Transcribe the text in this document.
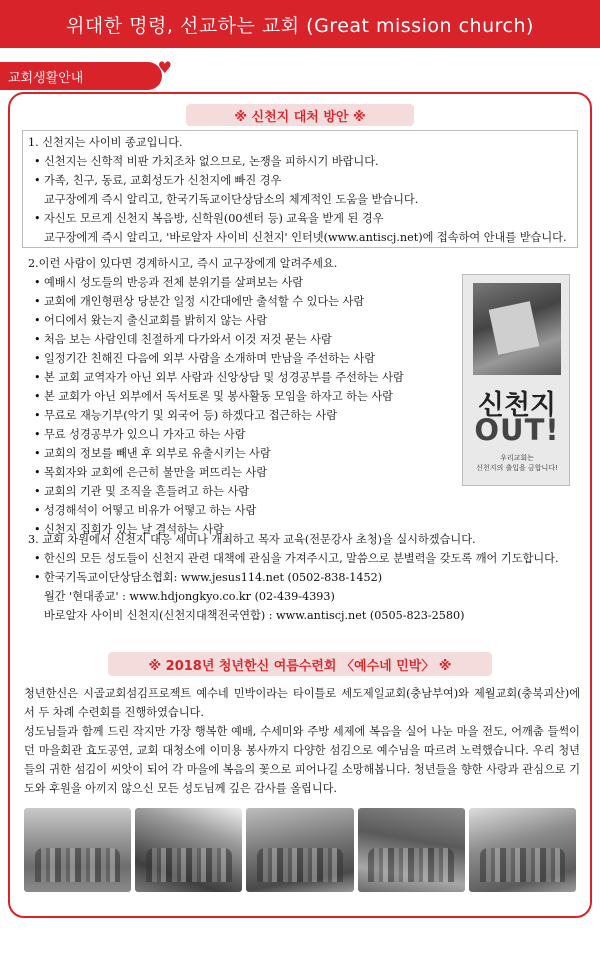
위대한 명령, 선교하는 교회 (Great mission church)
교회생활안내
♥
※ 신천지 대처 방안 ※
1. 신천지는 사이비 종교입니다.
• 신천지는 신학적 비판 가치조차 없으므로, 논쟁을 피하시기 바랍니다.
• 가족, 친구, 동료, 교회성도가 신천지에 빠진 경우
교구장에게 즉시 알리고, 한국기독교이단상담소의 체계적인 도움을 받습니다.
• 자신도 모르게 신천지 복음방, 신학원(00센터 등) 교육을 받게 된 경우
교구장에게 즉시 알리고, '바로알자 사이비 신천지' 인터넷(www.antiscj.net)에 접속하여 안내를 받습니다.
2.이런 사람이 있다면 경계하시고, 즉시 교구장에게 알려주세요.
• 예배시 성도들의 반응과 전체 분위기를 살펴보는 사람
• 교회에 개인형편상 당분간 일정 시간대에만 출석할 수 있다는 사람
• 어디에서 왔는지 출신교회를 밝히지 않는 사람
• 처음 보는 사람인데 친절하게 다가와서 이것 저것 묻는 사람
• 일정기간 친해진 다음에 외부 사람을 소개하며 만남을 주선하는 사람
• 본 교회 교역자가 아닌 외부 사람과 신앙상담 및 성경공부를 주선하는 사람
• 본 교회가 아닌 외부에서 독서토론 및 봉사활동 모임을 하자고 하는 사람
• 무료로 재능기부(악기 및 외국어 등) 하겠다고 접근하는 사람
• 무료 성경공부가 있으니 가자고 하는 사람
• 교회의 정보를 빼낸 후 외부로 유출시키는 사람
• 목회자와 교회에 은근히 불만을 퍼뜨리는 사람
• 교회의 기관 및 조직을 흔들려고 하는 사람
• 성경해석이 어떻고 비유가 어떻고 하는 사람
• 신천지 집회가 있는 날 결석하는 사람
3. 교회 차원에서 신천지 대응 세미나 개최하고 목자 교육(전문강사 초청)을 실시하겠습니다.
• 한신의 모든 성도들이 신천지 관련 대책에 관심을 가져주시고, 말씀으로 분별력을 갖도록 깨어 기도합니다.
• 한국기독교이단상담소협회: www.jesus114.net (0502-838-1452)
월간 '현대종교' : www.hdjongkyo.co.kr (02-439-4393)
바로알자 사이비 신천지(신천지대책전국연합) : www.antiscj.net (0505-823-2580)
신천지
OUT!
우리교회는
신천지의 출입을 금합니다!
※ 2018년 청년한신 여름수련회 〈예수네 민박〉 ※

청년한신은 시골교회섬김프로젝트 예수네 민박이라는 타이틀로 세도제일교회(충남부여)와 제월교회(충북괴산)에서 두 차례 수련회를 진행하였습니다.

성도님들과 함께 드린 작지만 가장 행복한 예배, 수세미와 주방 세제에 복음을 실어 나눈 마을 전도, 어깨춤 들썩이던 마을회관 효도공연, 교회 대청소에 이미용 봉사까지 다양한 섬김으로 예수님을 따르려 노력했습니다. 우리 청년들의 귀한 섬김이 씨앗이 되어 각 마을에 복음의 꽃으로 피어나길 소망해봅니다. 청년들을 향한 사랑과 관심으로 기도와 후원을 아끼지 않으신 모든 성도님께 깊은 감사를 올립니다.
